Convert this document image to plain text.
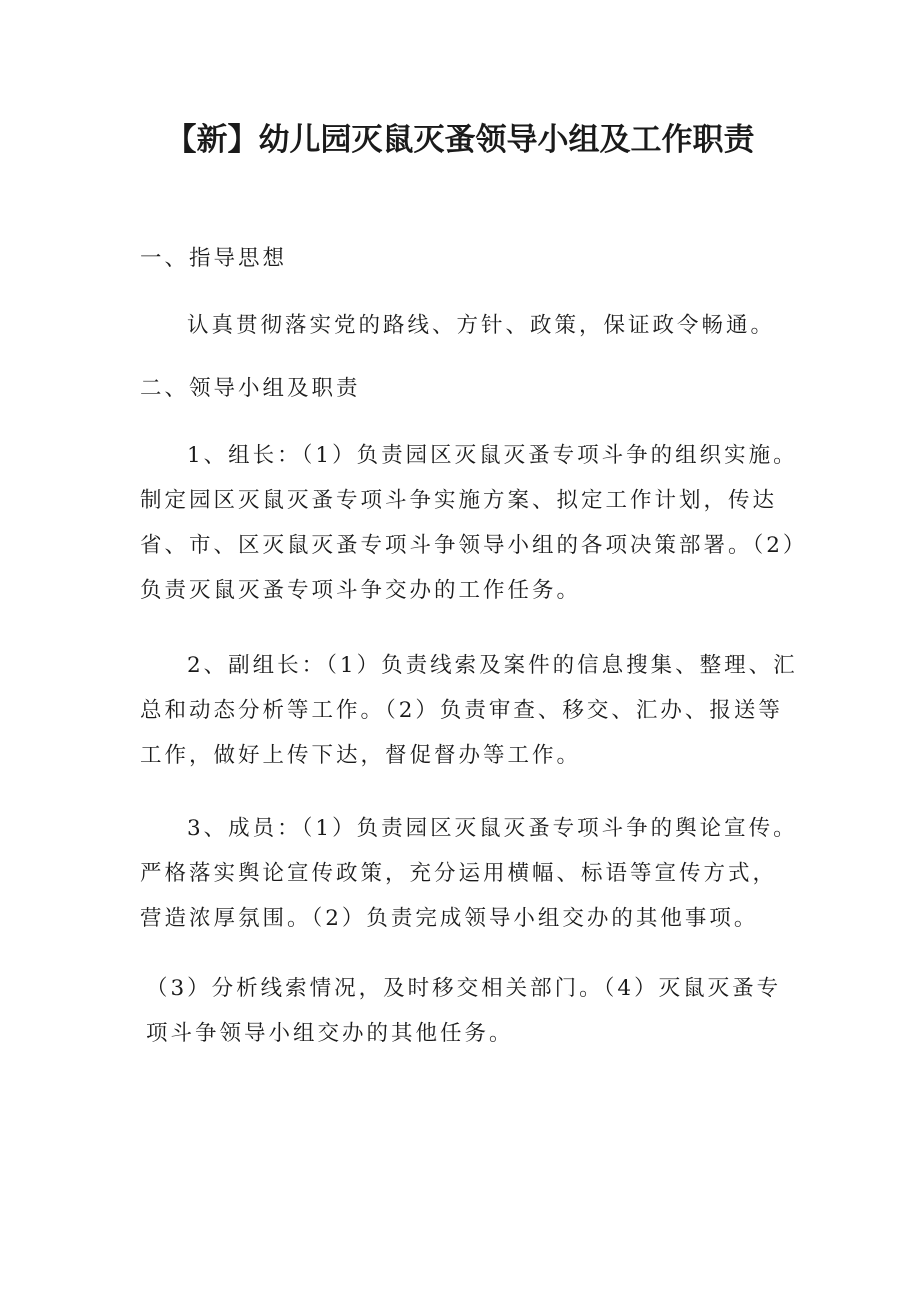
【新】幼儿园灭鼠灭蚤领导小组及工作职责
一、指导思想
认真贯彻落实党的路线、方针、政策，保证政令畅通。
二、领导小组及职责

1、组长：（1）负责园区灭鼠灭蚤专项斗争的组织实施。制定园区灭鼠灭蚤专项斗争实施方案、拟定工作计划，传达省、市、区灭鼠灭蚤专项斗争领导小组的各项决策部署。（2）负责灭鼠灭蚤专项斗争交办的工作任务。

2、副组长：（1）负责线索及案件的信息搜集、整理、汇总和动态分析等工作。（2）负责审查、移交、汇办、报送等工作，做好上传下达，督促督办等工作。

3、成员：（1）负责园区灭鼠灭蚤专项斗争的舆论宣传。严格落实舆论宣传政策，充分运用横幅、标语等宣传方式，营造浓厚氛围。（2）负责完成领导小组交办的其他事项。

（3）分析线索情况，及时移交相关部门。（4）灭鼠灭蚤专项斗争领导小组交办的其他任务。
